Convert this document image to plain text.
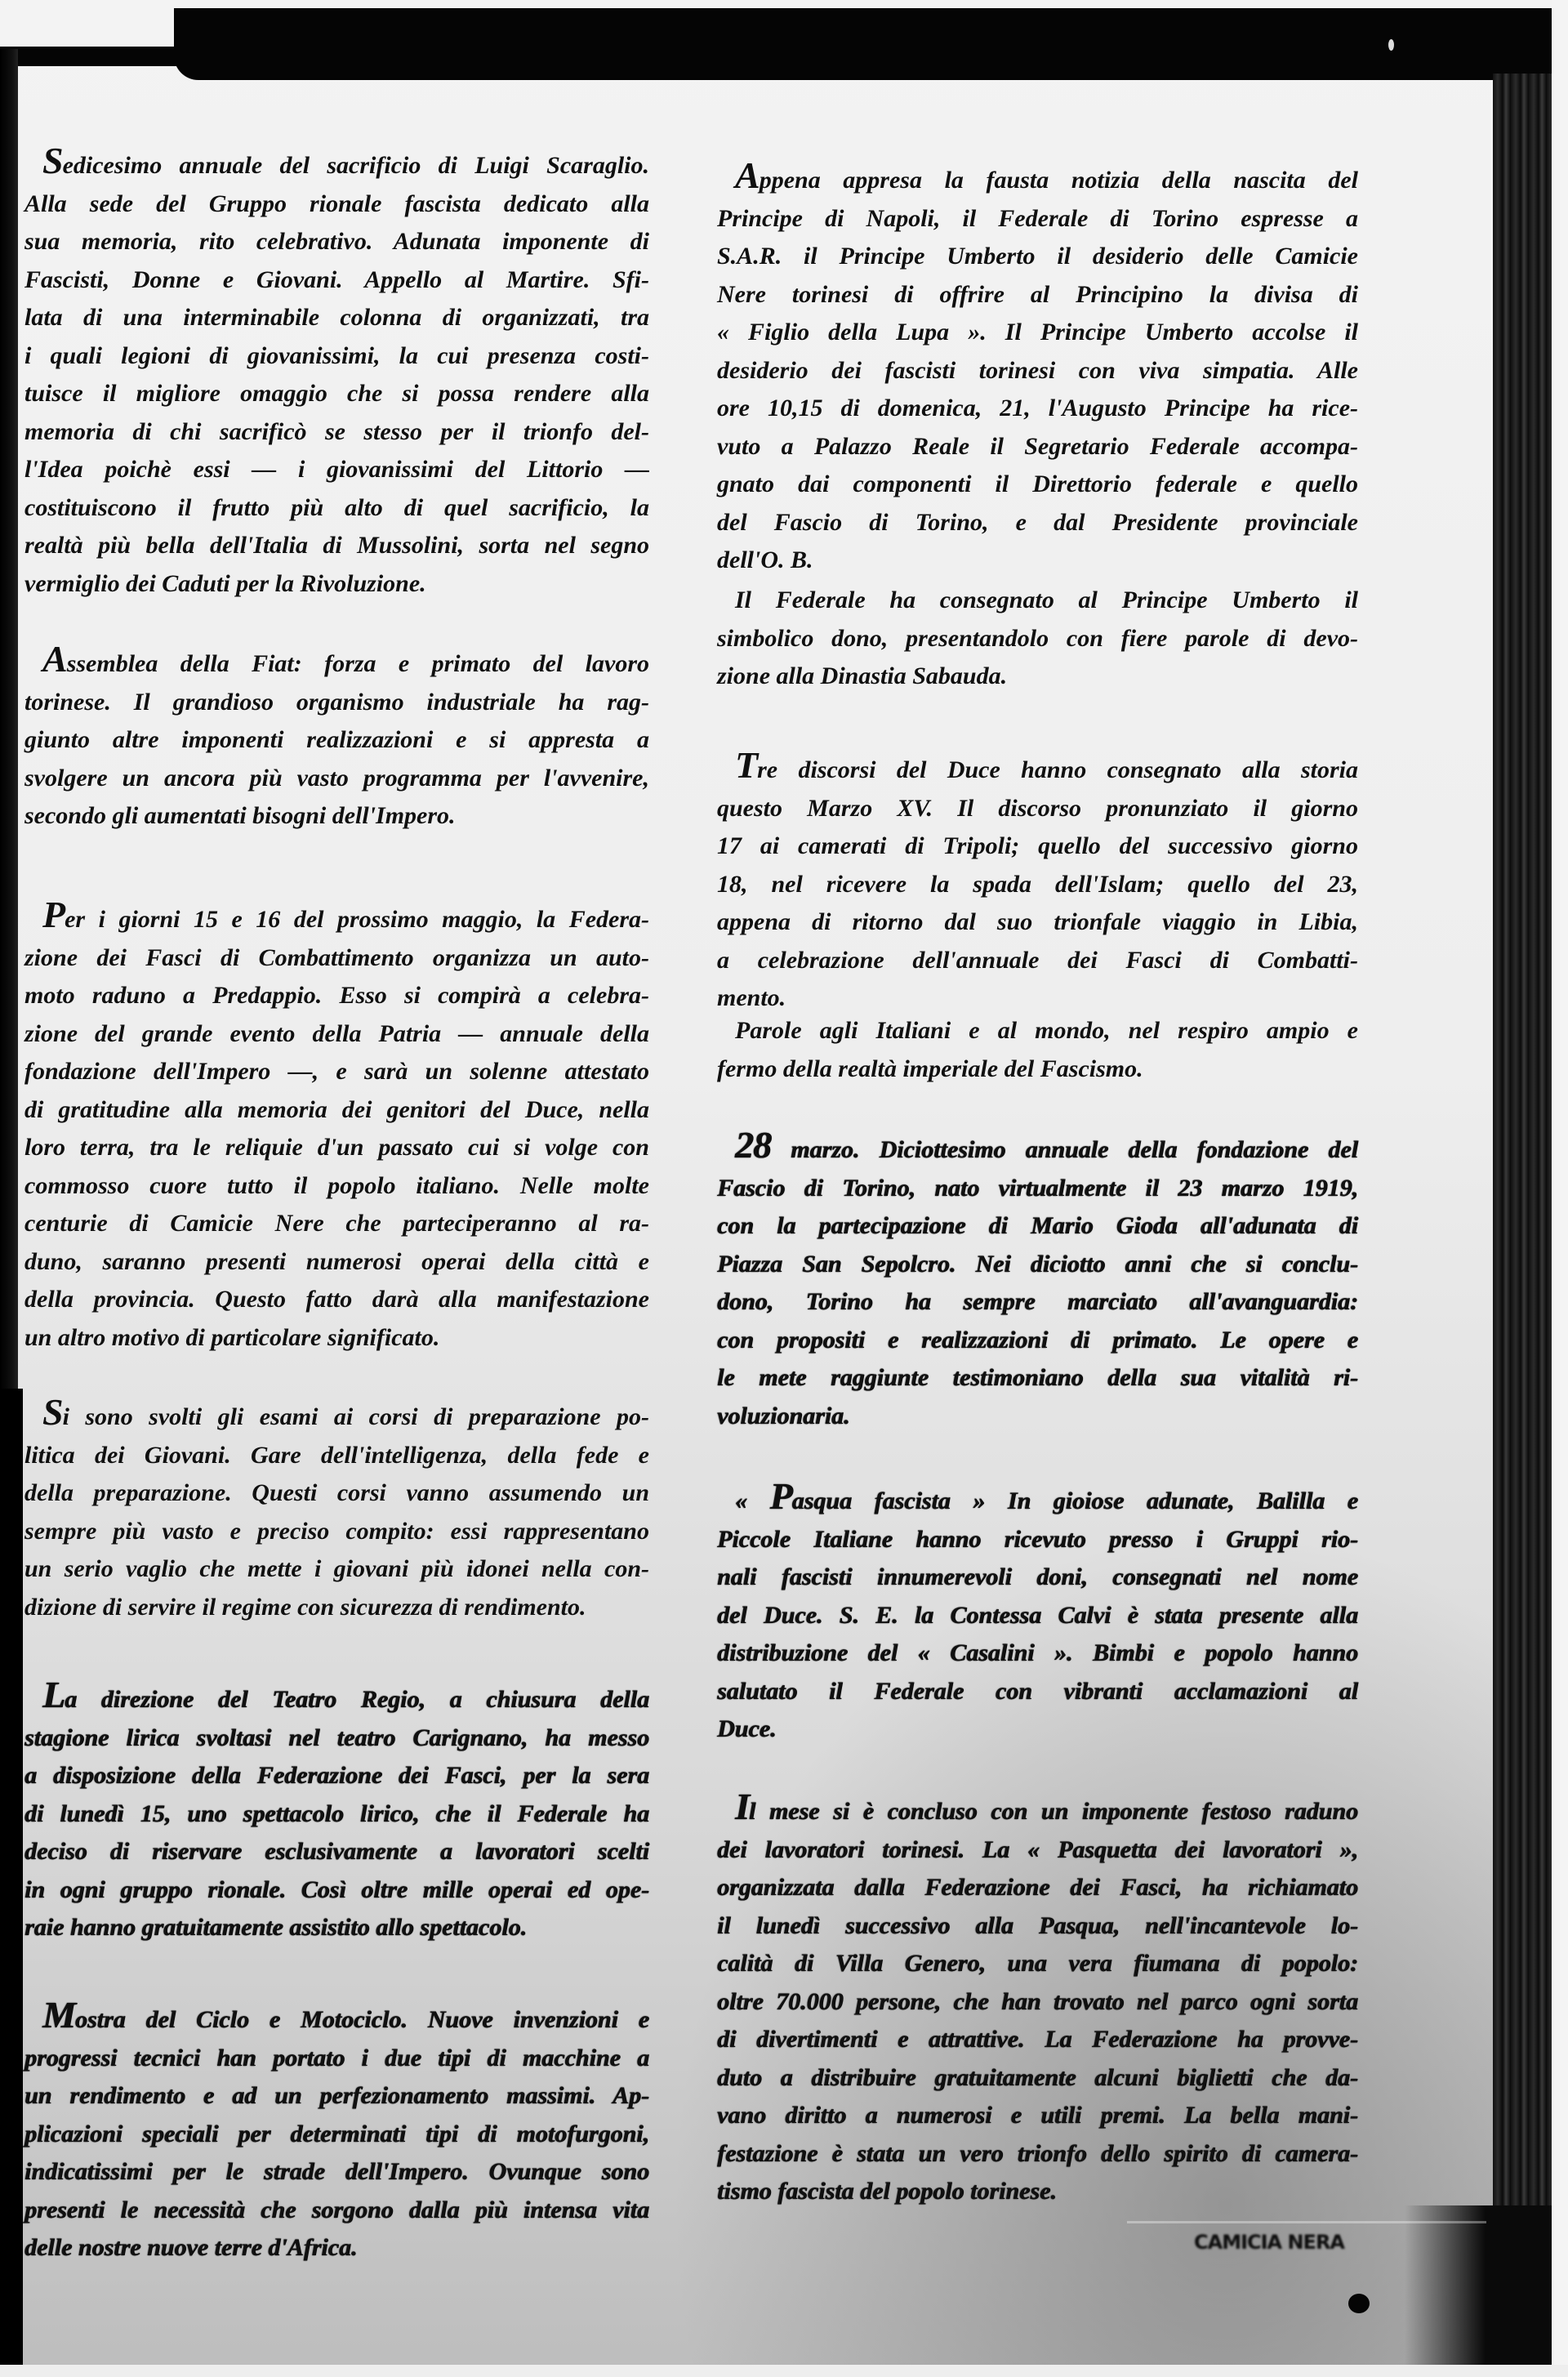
Sedicesimo annuale del sacrificio di Luigi Scaraglio.
Alla sede del Gruppo rionale fascista dedicato alla
sua memoria, rito celebrativo. Adunata imponente di
Fascisti, Donne e Giovani. Appello al Martire. Sfi-
lata di una interminabile colonna di organizzati, tra
i quali legioni di giovanissimi, la cui presenza costi-
tuisce il migliore omaggio che si possa rendere alla
memoria di chi sacrificò se stesso per il trionfo del-
l'Idea poichè essi — i giovanissimi del Littorio —
costituiscono il frutto più alto di quel sacrificio, la
realtà più bella dell'Italia di Mussolini, sorta nel segno
vermiglio dei Caduti per la Rivoluzione.
Assemblea della Fiat: forza e primato del lavoro
torinese. Il grandioso organismo industriale ha rag-
giunto altre imponenti realizzazioni e si appresta a
svolgere un ancora più vasto programma per l'avvenire,
secondo gli aumentati bisogni dell'Impero.
Per i giorni 15 e 16 del prossimo maggio, la Federa-
zione dei Fasci di Combattimento organizza un auto-
moto raduno a Predappio. Esso si compirà a celebra-
zione del grande evento della Patria — annuale della
fondazione dell'Impero —, e sarà un solenne attestato
di gratitudine alla memoria dei genitori del Duce, nella
loro terra, tra le reliquie d'un passato cui si volge con
commosso cuore tutto il popolo italiano. Nelle molte
centurie di Camicie Nere che parteciperanno al ra-
duno, saranno presenti numerosi operai della città e
della provincia. Questo fatto darà alla manifestazione
un altro motivo di particolare significato.
Si sono svolti gli esami ai corsi di preparazione po-
litica dei Giovani. Gare dell'intelligenza, della fede e
della preparazione. Questi corsi vanno assumendo un
sempre più vasto e preciso compito: essi rappresentano
un serio vaglio che mette i giovani più idonei nella con-
dizione di servire il regime con sicurezza di rendimento.
La direzione del Teatro Regio, a chiusura della
stagione lirica svoltasi nel teatro Carignano, ha messo
a disposizione della Federazione dei Fasci, per la sera
di lunedì 15, uno spettacolo lirico, che il Federale ha
deciso di riservare esclusivamente a lavoratori scelti
in ogni gruppo rionale. Così oltre mille operai ed ope-
raie hanno gratuitamente assistito allo spettacolo.
Mostra del Ciclo e Motociclo. Nuove invenzioni e
progressi tecnici han portato i due tipi di macchine a
un rendimento e ad un perfezionamento massimi. Ap-
plicazioni speciali per determinati tipi di motofurgoni,
indicatissimi per le strade dell'Impero. Ovunque sono
presenti le necessità che sorgono dalla più intensa vita
delle nostre nuove terre d'Africa.
Appena appresa la fausta notizia della nascita del
Principe di Napoli, il Federale di Torino espresse a
S.A.R. il Principe Umberto il desiderio delle Camicie
Nere torinesi di offrire al Principino la divisa di
« Figlio della Lupa ». Il Principe Umberto accolse il
desiderio dei fascisti torinesi con viva simpatia. Alle
ore 10,15 di domenica, 21, l'Augusto Principe ha rice-
vuto a Palazzo Reale il Segretario Federale accompa-
gnato dai componenti il Direttorio federale e quello
del Fascio di Torino, e dal Presidente provinciale
dell'O. B.
Il Federale ha consegnato al Principe Umberto il
simbolico dono, presentandolo con fiere parole di devo-
zione alla Dinastia Sabauda.
Tre discorsi del Duce hanno consegnato alla storia
questo Marzo XV. Il discorso pronunziato il giorno
17 ai camerati di Tripoli; quello del successivo giorno
18, nel ricevere la spada dell'Islam; quello del 23,
appena di ritorno dal suo trionfale viaggio in Libia,
a celebrazione dell'annuale dei Fasci di Combatti-
mento.
Parole agli Italiani e al mondo, nel respiro ampio e
fermo della realtà imperiale del Fascismo.
28 marzo. Diciottesimo annuale della fondazione del
Fascio di Torino, nato virtualmente il 23 marzo 1919,
con la partecipazione di Mario Gioda all'adunata di
Piazza San Sepolcro. Nei diciotto anni che si conclu-
dono, Torino ha sempre marciato all'avanguardia:
con propositi e realizzazioni di primato. Le opere e
le mete raggiunte testimoniano della sua vitalità ri-
voluzionaria.
« Pasqua fascista » In gioiose adunate, Balilla e
Piccole Italiane hanno ricevuto presso i Gruppi rio-
nali fascisti innumerevoli doni, consegnati nel nome
del Duce. S. E. la Contessa Calvi è stata presente alla
distribuzione del « Casalini ». Bimbi e popolo hanno
salutato il Federale con vibranti acclamazioni al
Duce.
Il mese si è concluso con un imponente festoso raduno
dei lavoratori torinesi. La « Pasquetta dei lavoratori »,
organizzata dalla Federazione dei Fasci, ha richiamato
il lunedì successivo alla Pasqua, nell'incantevole lo-
calità di Villa Genero, una vera fiumana di popolo:
oltre 70.000 persone, che han trovato nel parco ogni sorta
di divertimenti e attrattive. La Federazione ha provve-
duto a distribuire gratuitamente alcuni biglietti che da-
vano diritto a numerosi e utili premi. La bella mani-
festazione è stata un vero trionfo dello spirito di camera-
tismo fascista del popolo torinese.
CAMICIA NERA
